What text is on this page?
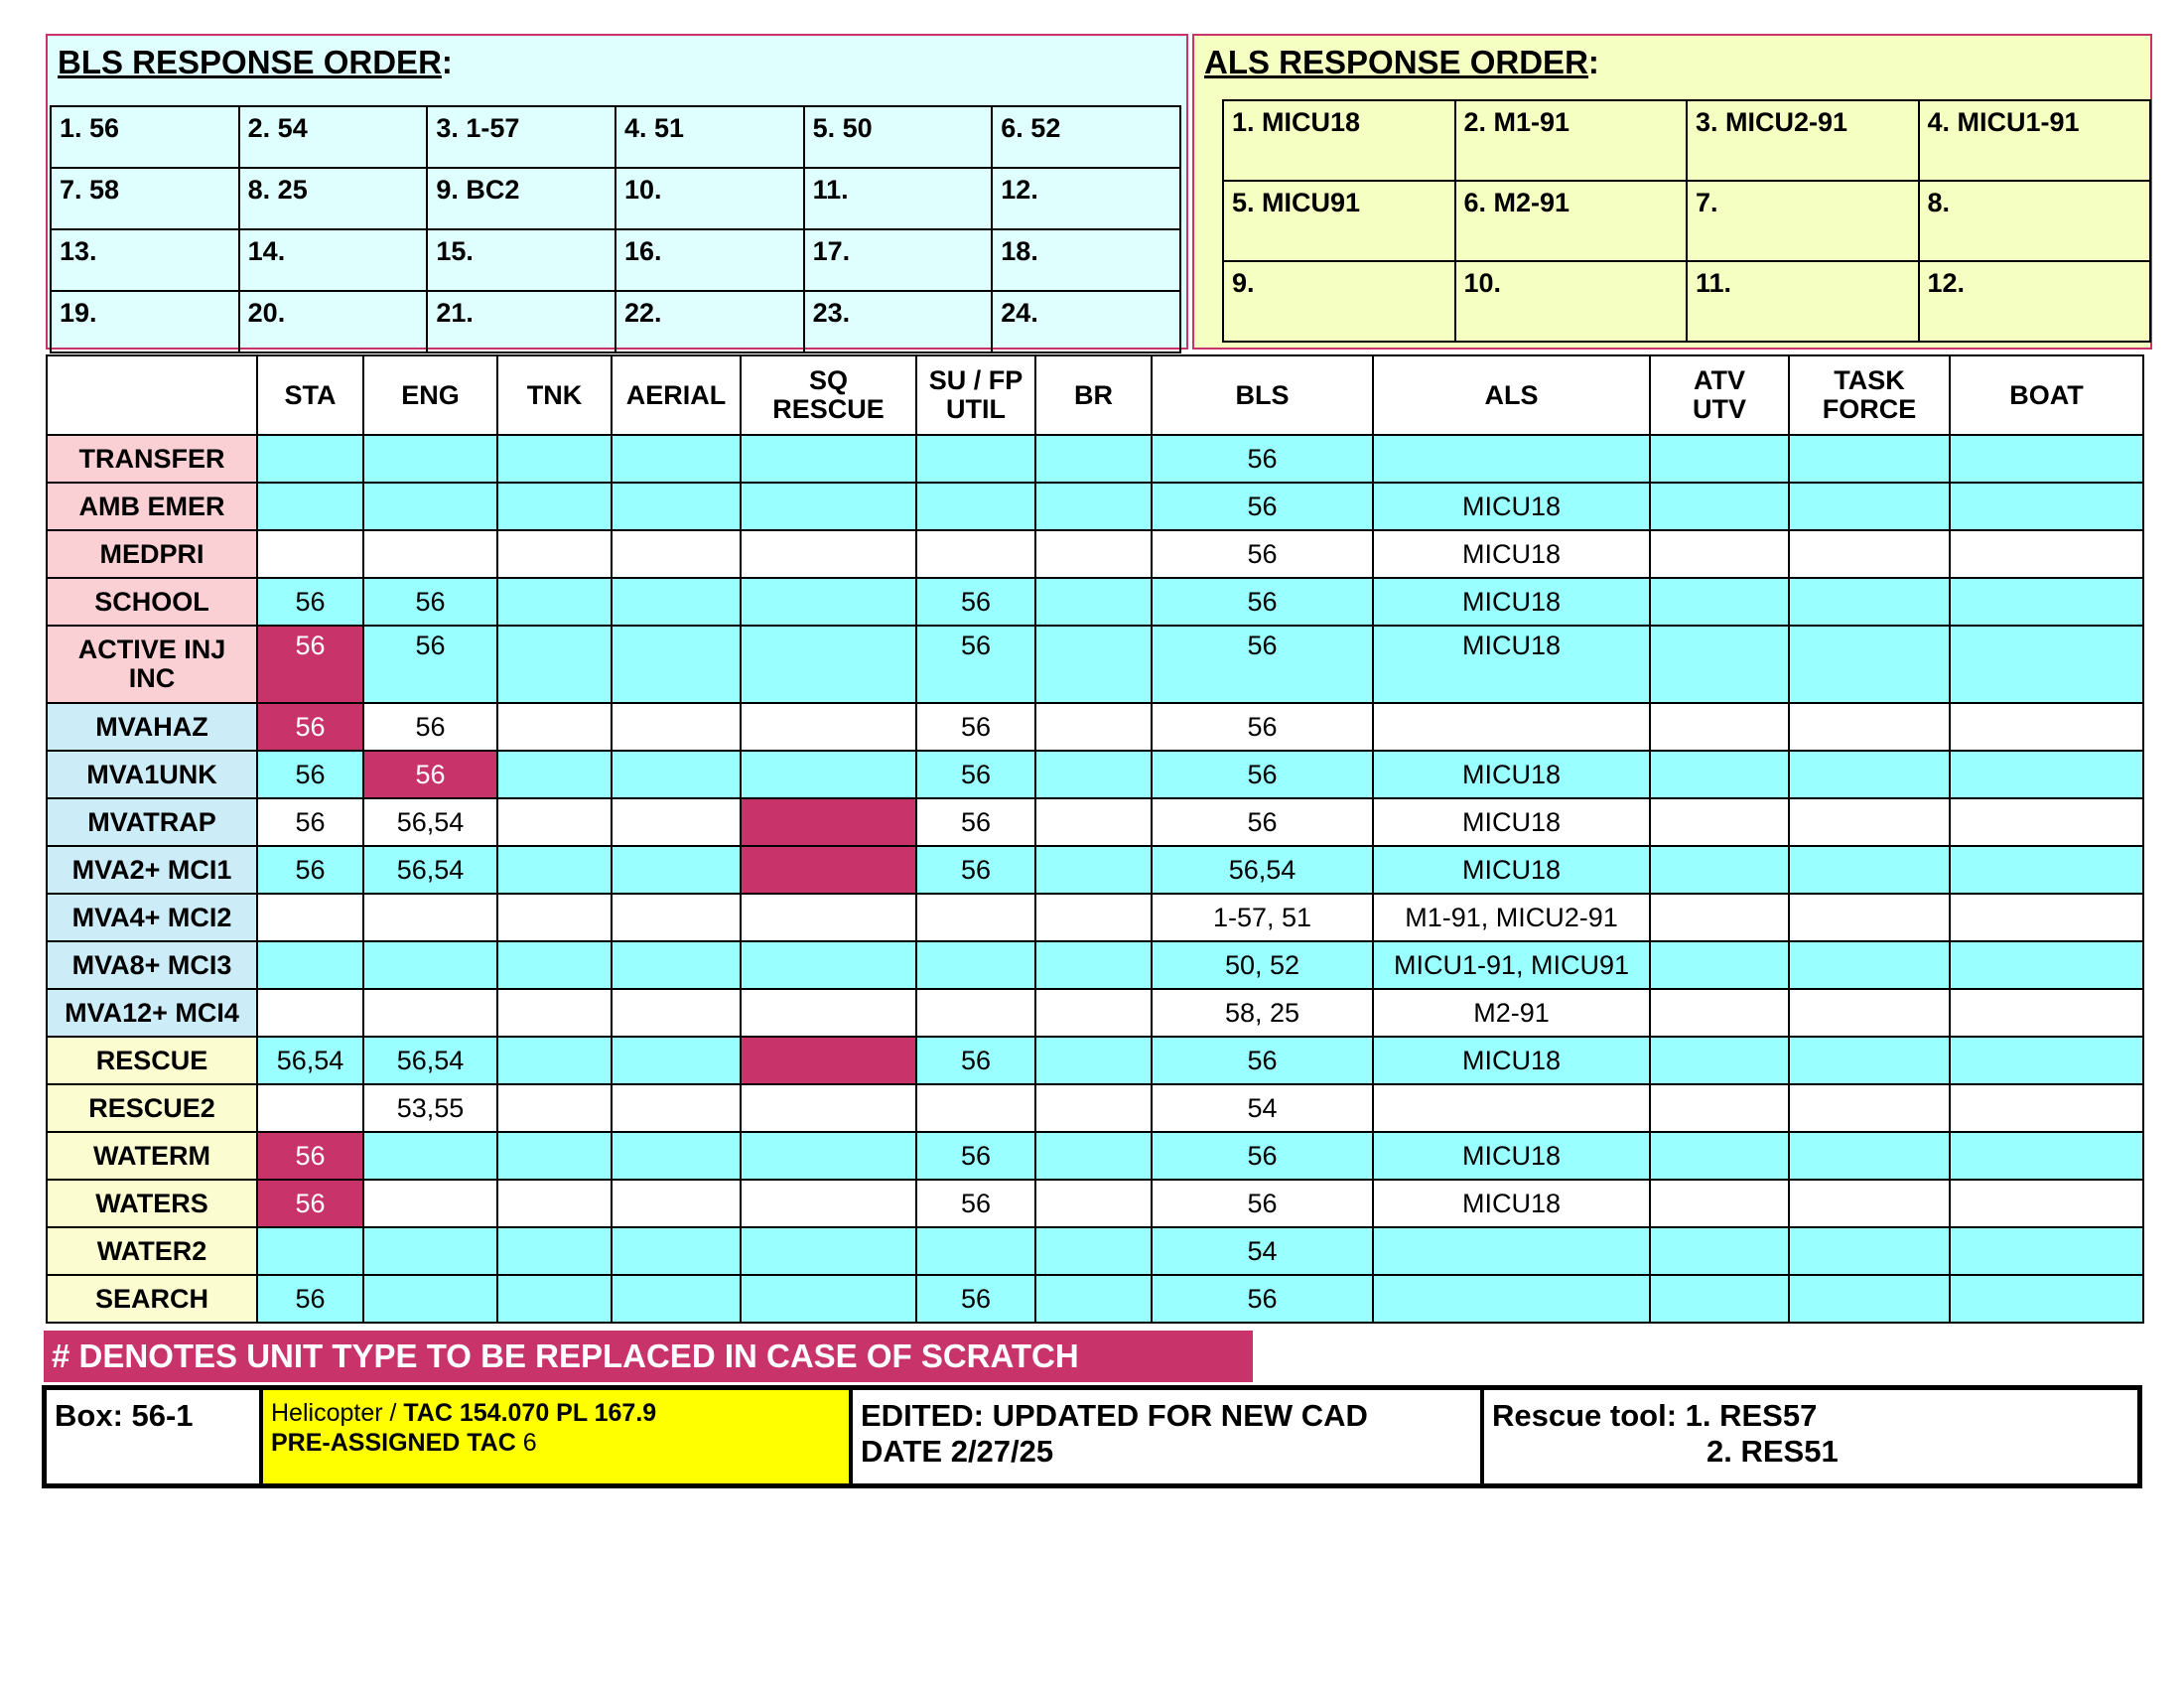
BLS RESPONSE ORDER:
1. 56	2. 54	3. 1-57	4. 51	5. 50	6. 52
7. 58	8. 25	9. BC2	10.	11.	12.
13.	14.	15.	16.	17.	18.
19.	20.	21.	22.	23.	24.
ALS RESPONSE ORDER:
1. MICU18	2. M1-91	3. MICU2-91	4. MICU1-91
5. MICU91	6. M2-91	7.	8.
9.	10.	11.	12.
	STA	ENG	TNK	AERIAL	SQ
RESCUE	SU / FP
UTIL	BR	BLS	ALS	ATV
UTV	TASK
FORCE	BOAT
TRANSFER								56				
AMB EMER								56	MICU18			
MEDPRI								56	MICU18			
SCHOOL	56	56				56		56	MICU18			
ACTIVE INJ
INC	56	56				56		56	MICU18			
MVAHAZ	56	56				56		56				
MVA1UNK	56	56				56		56	MICU18			
MVATRAP	56	56,54				56		56	MICU18			
MVA2+ MCI1	56	56,54				56		56,54	MICU18			
MVA4+ MCI2								1-57, 51	M1-91, MICU2-91			
MVA8+ MCI3								50, 52	MICU1-91, MICU91			
MVA12+ MCI4								58, 25	M2-91			
RESCUE	56,54	56,54				56		56	MICU18			
RESCUE2		53,55						54				
WATERM	56					56		56	MICU18			
WATERS	56					56		56	MICU18			
WATER2								54				
SEARCH	56					56		56				
# DENOTES UNIT TYPE TO BE REPLACED IN CASE OF SCRATCH
Box: 56-1	Helicopter / TAC 154.070 PL 167.9
PRE-ASSIGNED TAC 6
EDITED: UPDATED FOR NEW CAD
DATE 2/27/25
Rescue tool: 1. RES57
2. RES51
